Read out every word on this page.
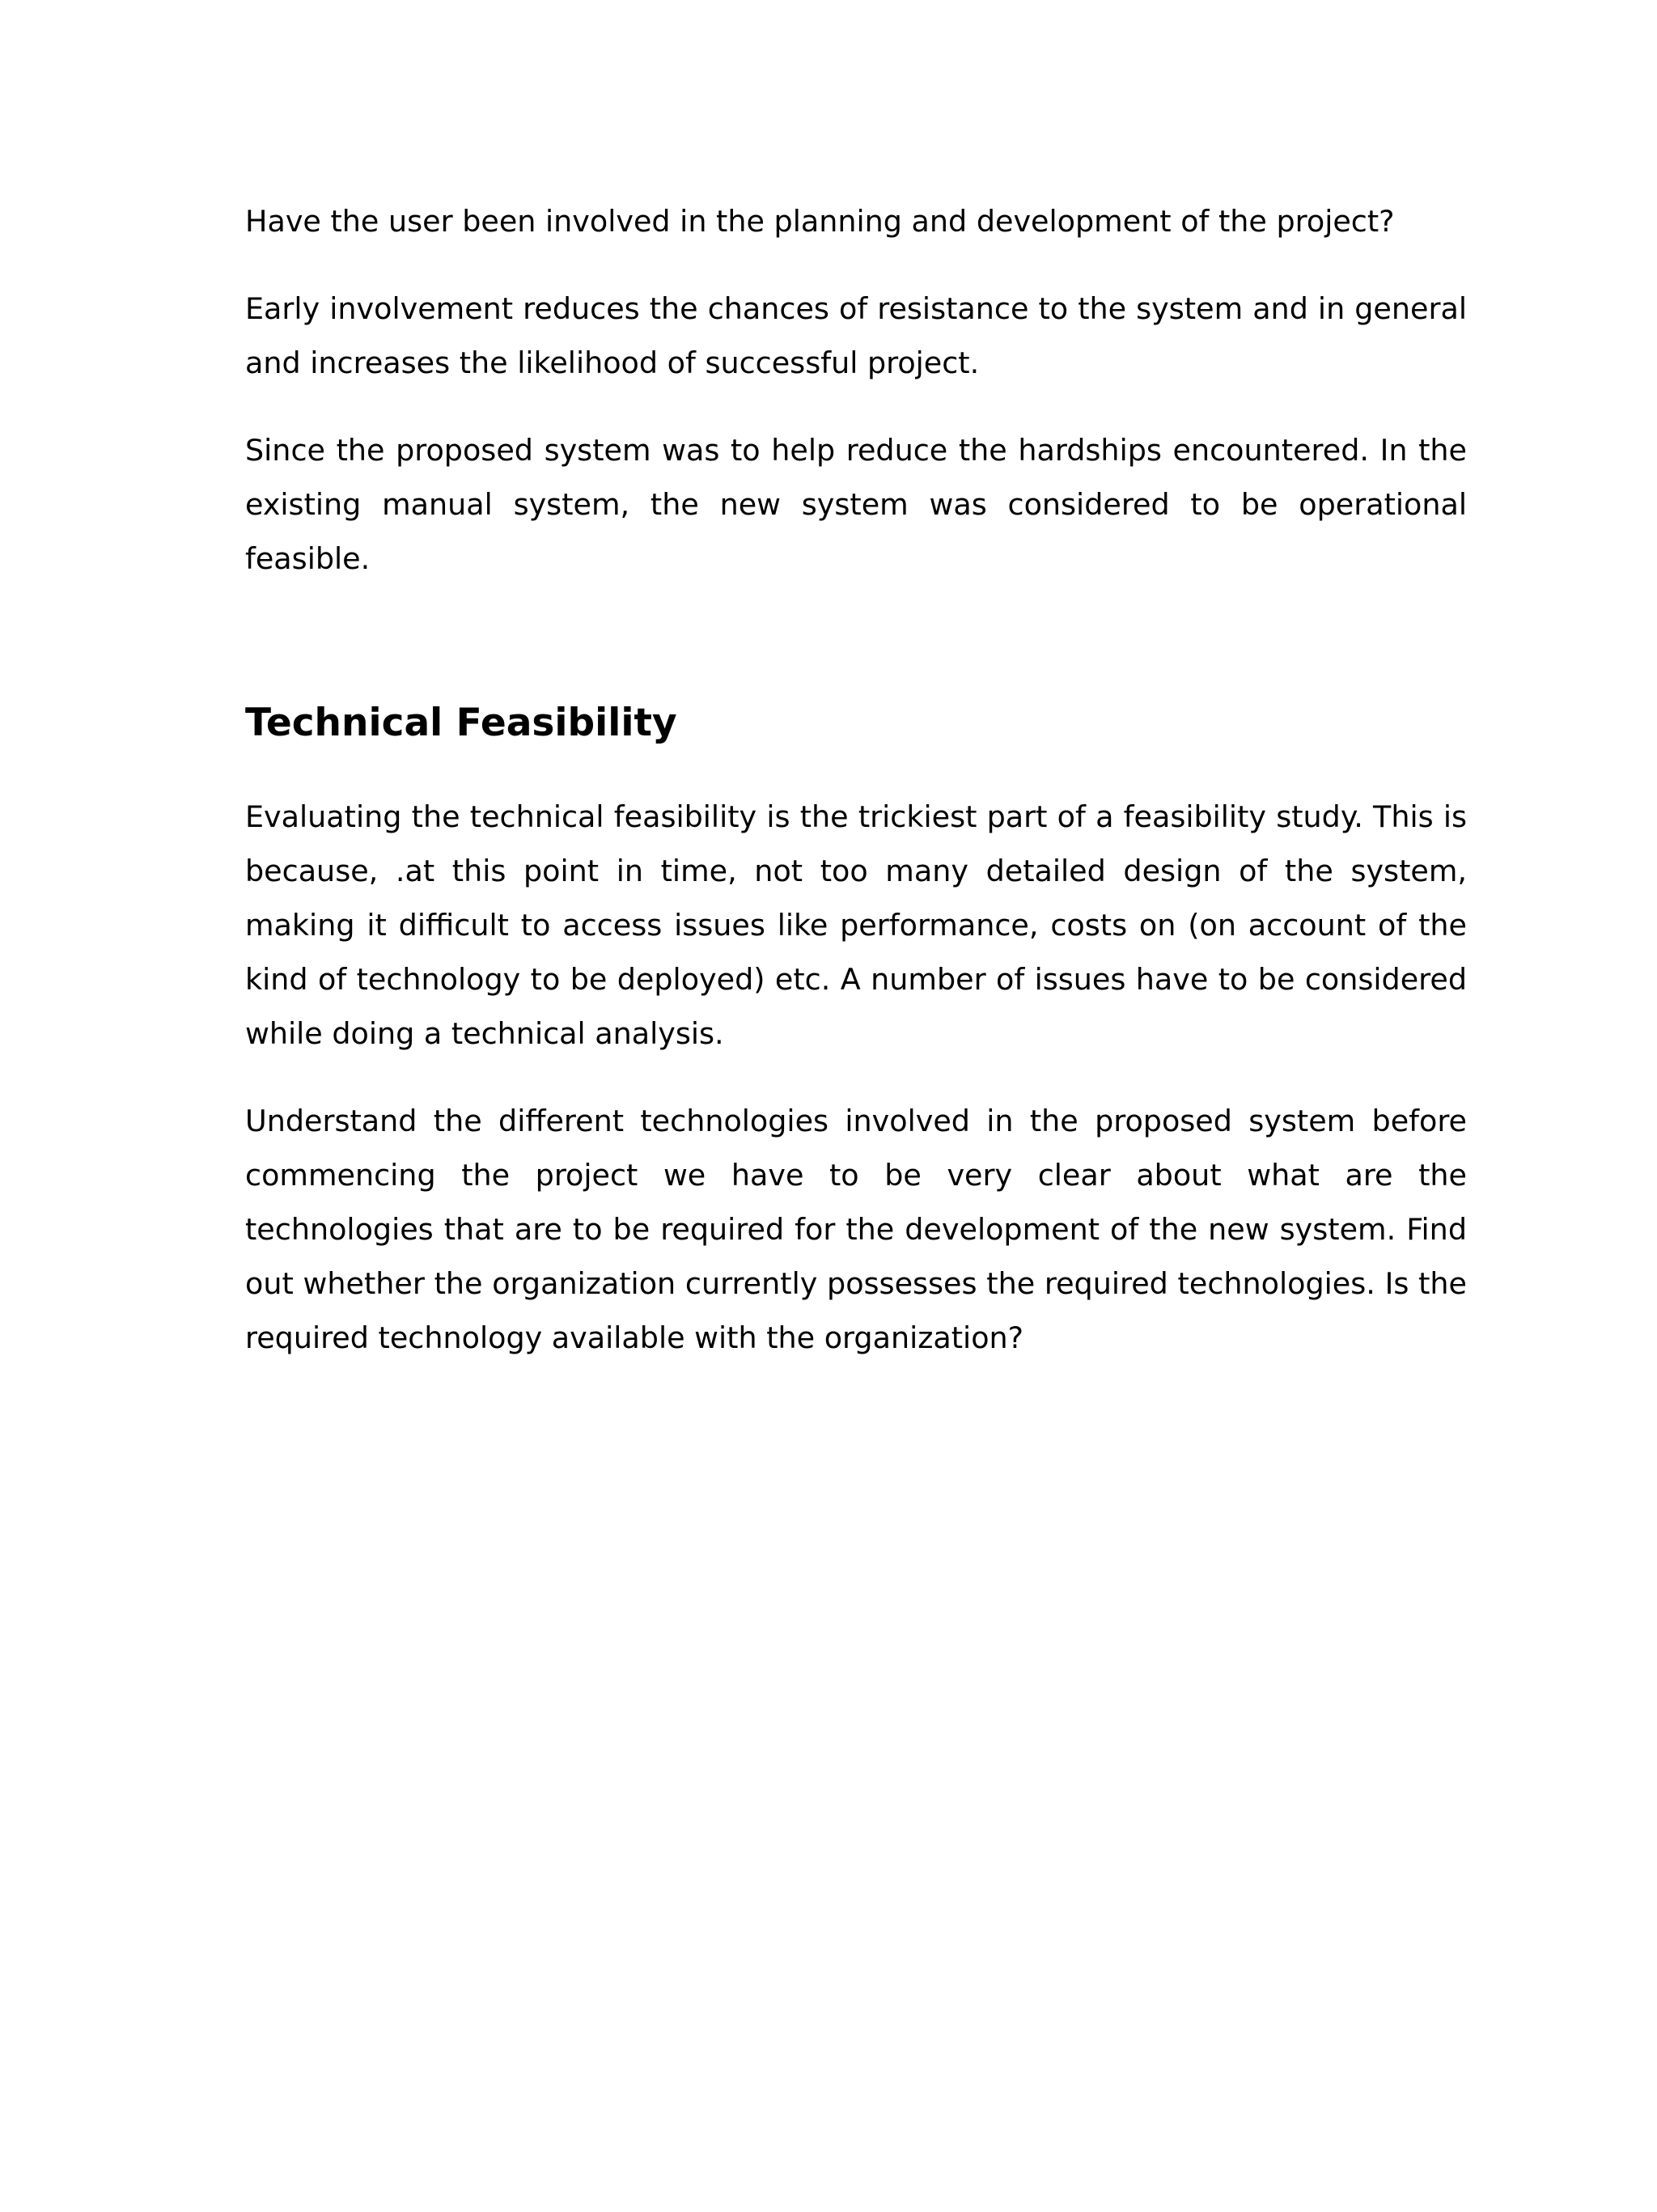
Have the user been involved in the planning and development of the project?

Early involvement reduces the chances of resistance to the system and in general and increases the likelihood of successful project.

Since the proposed system was to help reduce the hardships encountered. In the existing manual system, the new system was considered to be operational feasible.

Technical Feasibility

Evaluating the technical feasibility is the trickiest part of a feasibility study. This is because, .at this point in time, not too many detailed design of the system, making it difficult to access issues like performance, costs on (on account of the kind of technology to be deployed) etc. A number of issues have to be considered while doing a technical analysis.

Understand the different technologies involved in the proposed system before commencing the project we have to be very clear about what are the technologies that are to be required for the development of the new system. Find out whether the organization currently possesses the required technologies. Is the required technology available with the organization?
